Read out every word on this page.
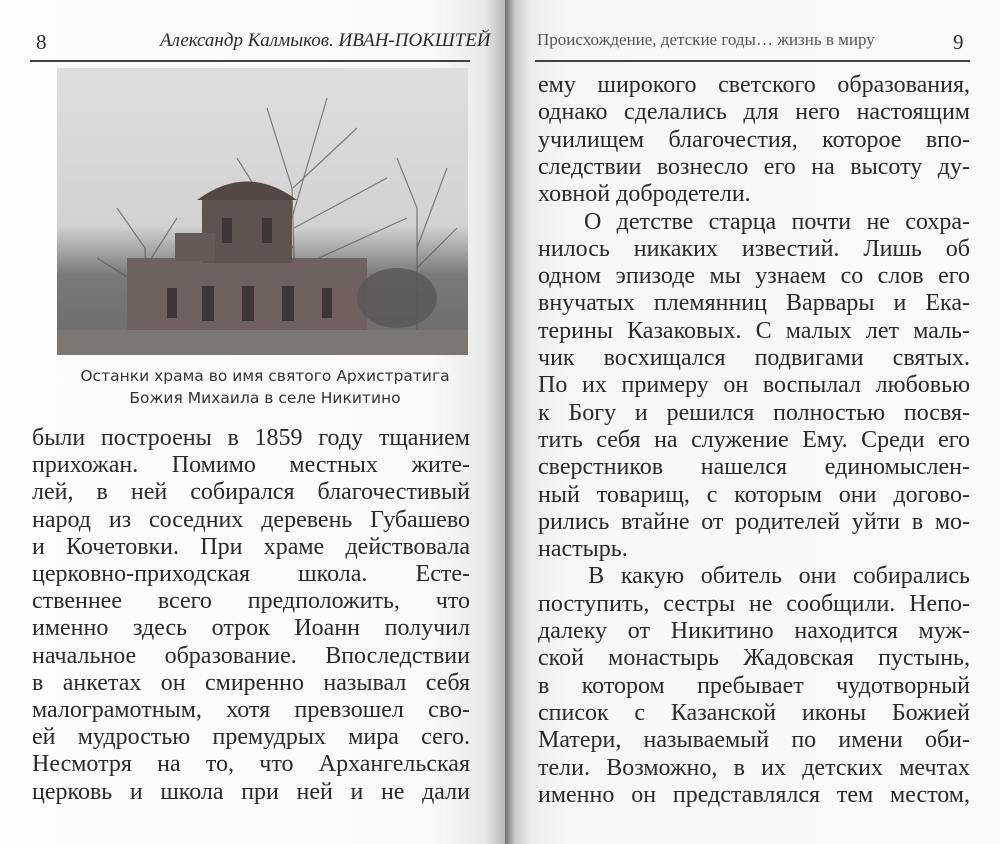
8	Александр Калмыков. ИВАН-ПОКШТЕЙ
Останки храма во имя святого Архистратига
Божия Михаила в селе Никитино
были построены в 1859 году тщанием
прихожан. Помимо местных жите-
лей, в ней собирался благочестивый
народ из соседних деревень Губашево
и Кочетовки. При храме действовала
церковно-приходская школа. Есте-
ственнее всего предположить, что
именно здесь отрок Иоанн получил
начальное образование. Впоследствии
в анкетах он смиренно называл себя
малограмотным, хотя превзошел сво-
ей мудростью премудрых мира сего.
Несмотря на то, что Архангельская
церковь и школа при ней и не дали
Происхождение, детские годы… жизнь в миру	9
ему широкого светского образования,
однако сделались для него настоящим
училищем благочестия, которое впо-
следствии вознесло его на высоту ду-
ховной добродетели.
О детстве старца почти не сохра-
нилось никаких известий. Лишь об
одном эпизоде мы узнаем со слов его
внучатых племянниц Варвары и Ека-
терины Казаковых. С малых лет маль-
чик восхищался подвигами святых.
По их примеру он воспылал любовью
к Богу и решился полностью посвя-
тить себя на служение Ему. Среди его
сверстников нашелся единомыслен-
ный товарищ, с которым они догово-
рились втайне от родителей уйти в мо-
настырь.
В какую обитель они собирались
поступить, сестры не сообщили. Непо-
далеку от Никитино находится муж-
ской монастырь Жадовская пустынь,
в котором пребывает чудотворный
список с Казанской иконы Божией
Матери, называемый по имени оби-
тели. Возможно, в их детских мечтах
именно он представлялся тем местом,
